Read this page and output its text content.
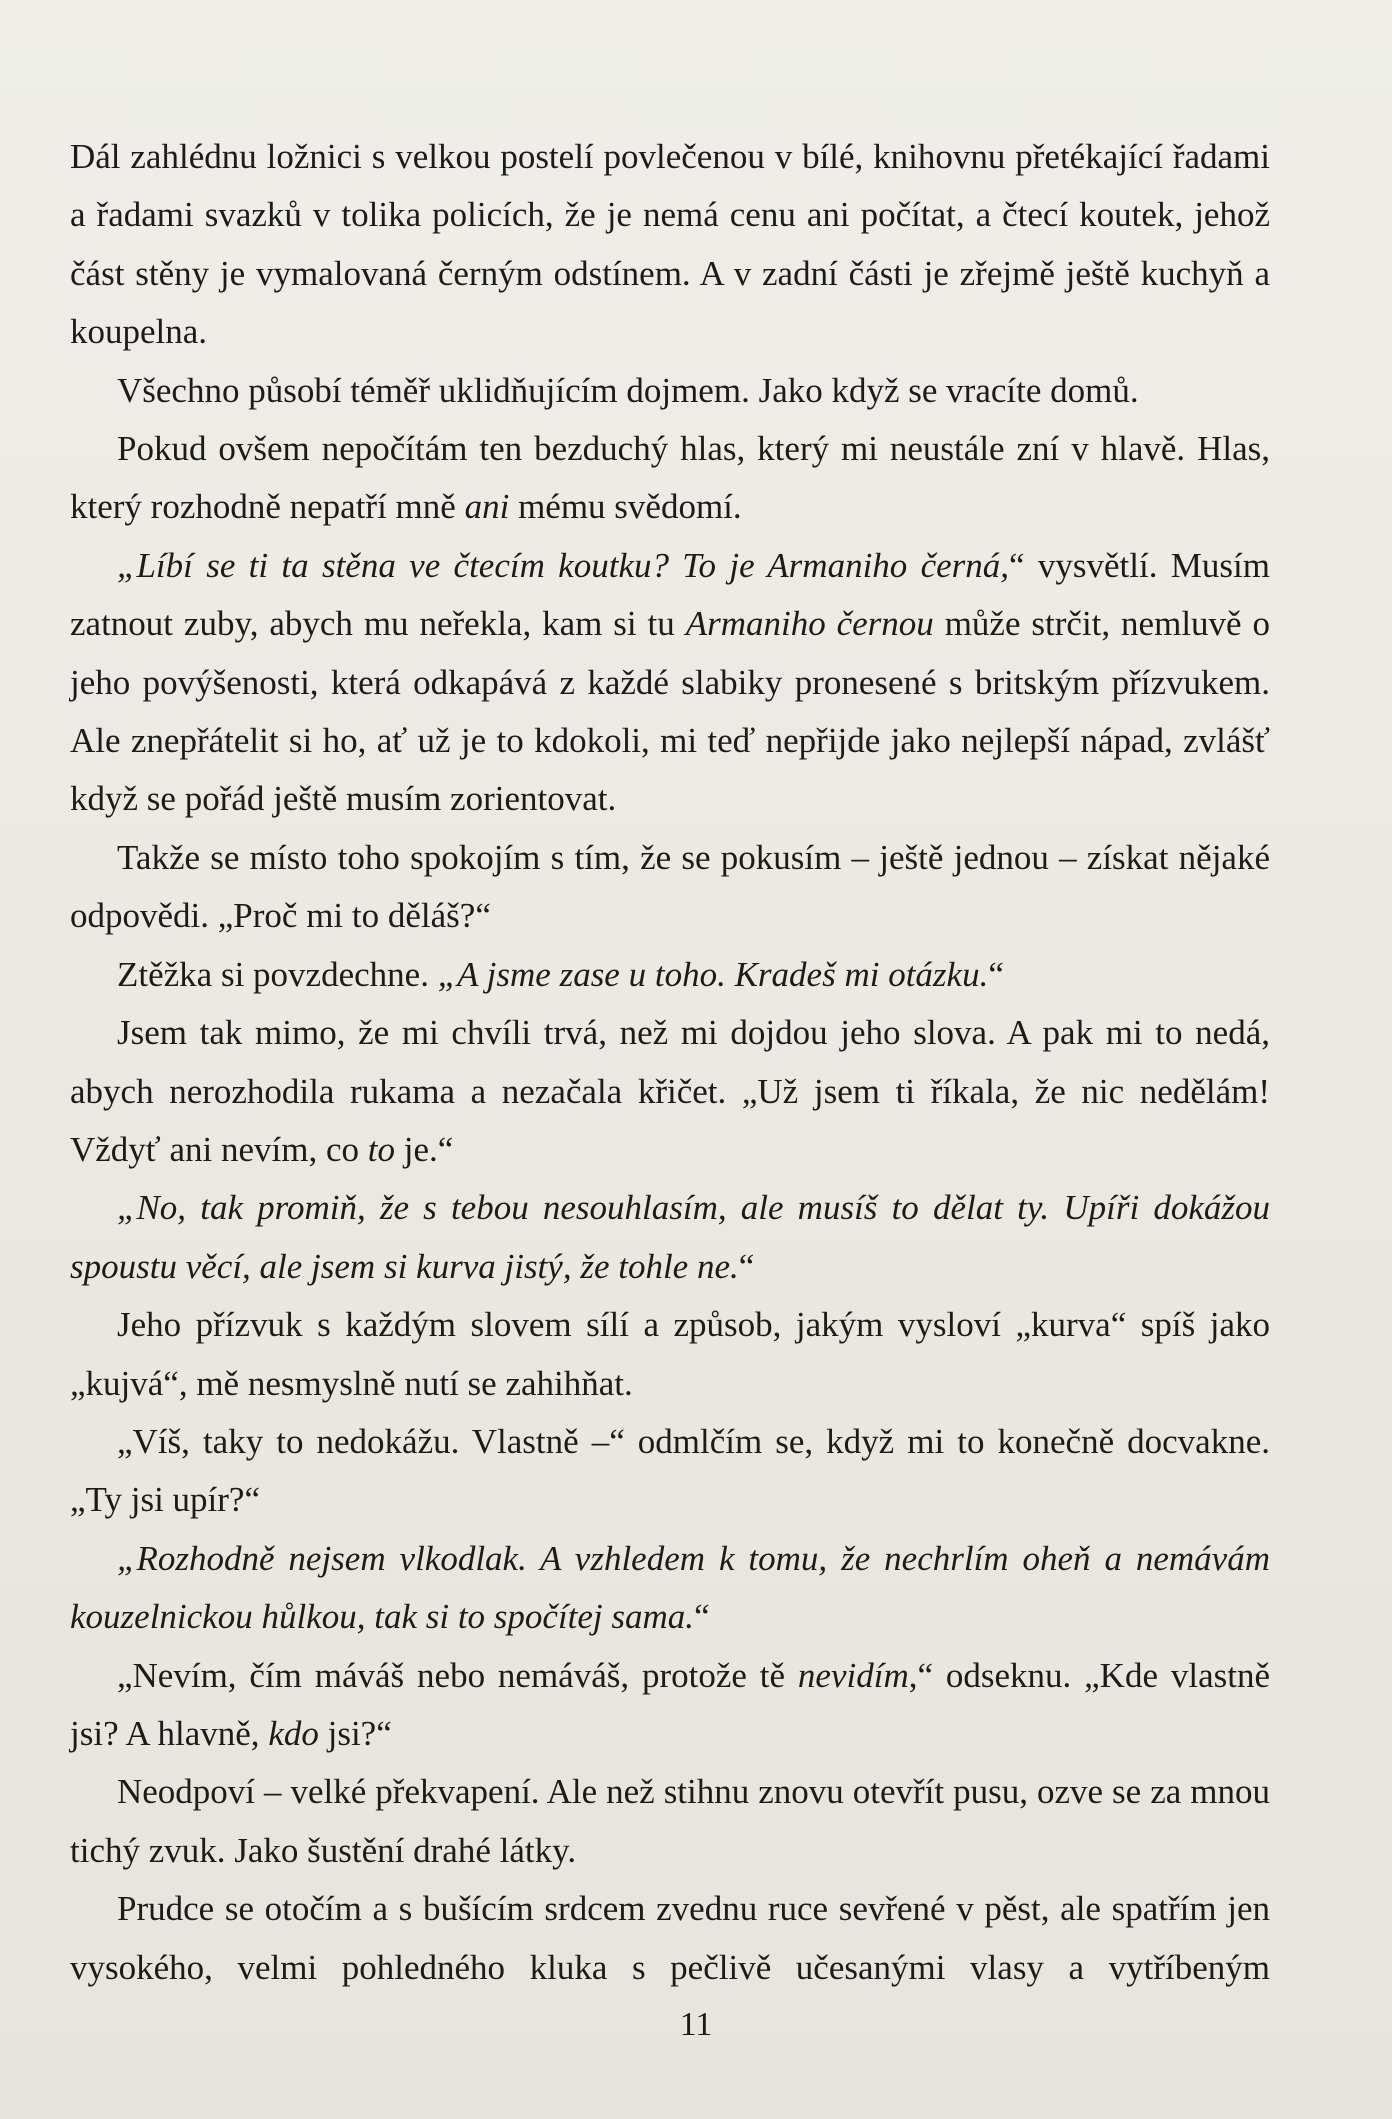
Dál zahlédnu ložnici s velkou postelí povlečenou v bílé, knihovnu přetékající řadami a řadami svazků v tolika policích, že je nemá cenu ani počítat, a čtecí koutek, jehož část stěny je vymalovaná černým odstínem. A v zadní části je zřejmě ještě kuchyň a koupelna.

Všechno působí téměř uklidňujícím dojmem. Jako když se vracíte domů.

Pokud ovšem nepočítám ten bezduchý hlas, který mi neustále zní v hlavě. Hlas, který rozhodně nepatří mně ani mému svědomí.

„Líbí se ti ta stěna ve čtecím koutku? To je Armaniho černá,“ vysvětlí. Musím zatnout zuby, abych mu neřekla, kam si tu Armaniho černou může strčit, nemluvě o jeho povýšenosti, která odkapává z každé slabiky pronesené s britským přízvukem. Ale znepřátelit si ho, ať už je to kdokoli, mi teď nepřijde jako nejlepší nápad, zvlášť když se pořád ještě musím zorientovat.

Takže se místo toho spokojím s tím, že se pokusím – ještě jednou – získat nějaké odpovědi. „Proč mi to děláš?“

Ztěžka si povzdechne. „A jsme zase u toho. Kradeš mi otázku.“

Jsem tak mimo, že mi chvíli trvá, než mi dojdou jeho slova. A pak mi to nedá, abych nerozhodila rukama a nezačala křičet. „Už jsem ti říkala, že nic nedělám! Vždyť ani nevím, co to je.“

„No, tak promiň, že s tebou nesouhlasím, ale musíš to dělat ty. Upíři dokážou spoustu věcí, ale jsem si kurva jistý, že tohle ne.“

Jeho přízvuk s každým slovem sílí a způsob, jakým vysloví „kurva“ spíš jako „kujvá“, mě nesmyslně nutí se zahihňat.

„Víš, taky to nedokážu. Vlastně –“ odmlčím se, když mi to konečně docvakne. „Ty jsi upír?“

„Rozhodně nejsem vlkodlak. A vzhledem k tomu, že nechrlím oheň a nemávám kouzelnickou hůlkou, tak si to spočítej sama.“

„Nevím, čím máváš nebo nemáváš, protože tě nevidím,“ odseknu. „Kde vlastně jsi? A hlavně, kdo jsi?“

Neodpoví – velké překvapení. Ale než stihnu znovu otevřít pusu, ozve se za mnou tichý zvuk. Jako šustění drahé látky.

Prudce se otočím a s bušícím srdcem zvednu ruce sevřené v pěst, ale spatřím jen vysokého, velmi pohledného kluka s pečlivě učesanými vlasy a vytříbeným

11
